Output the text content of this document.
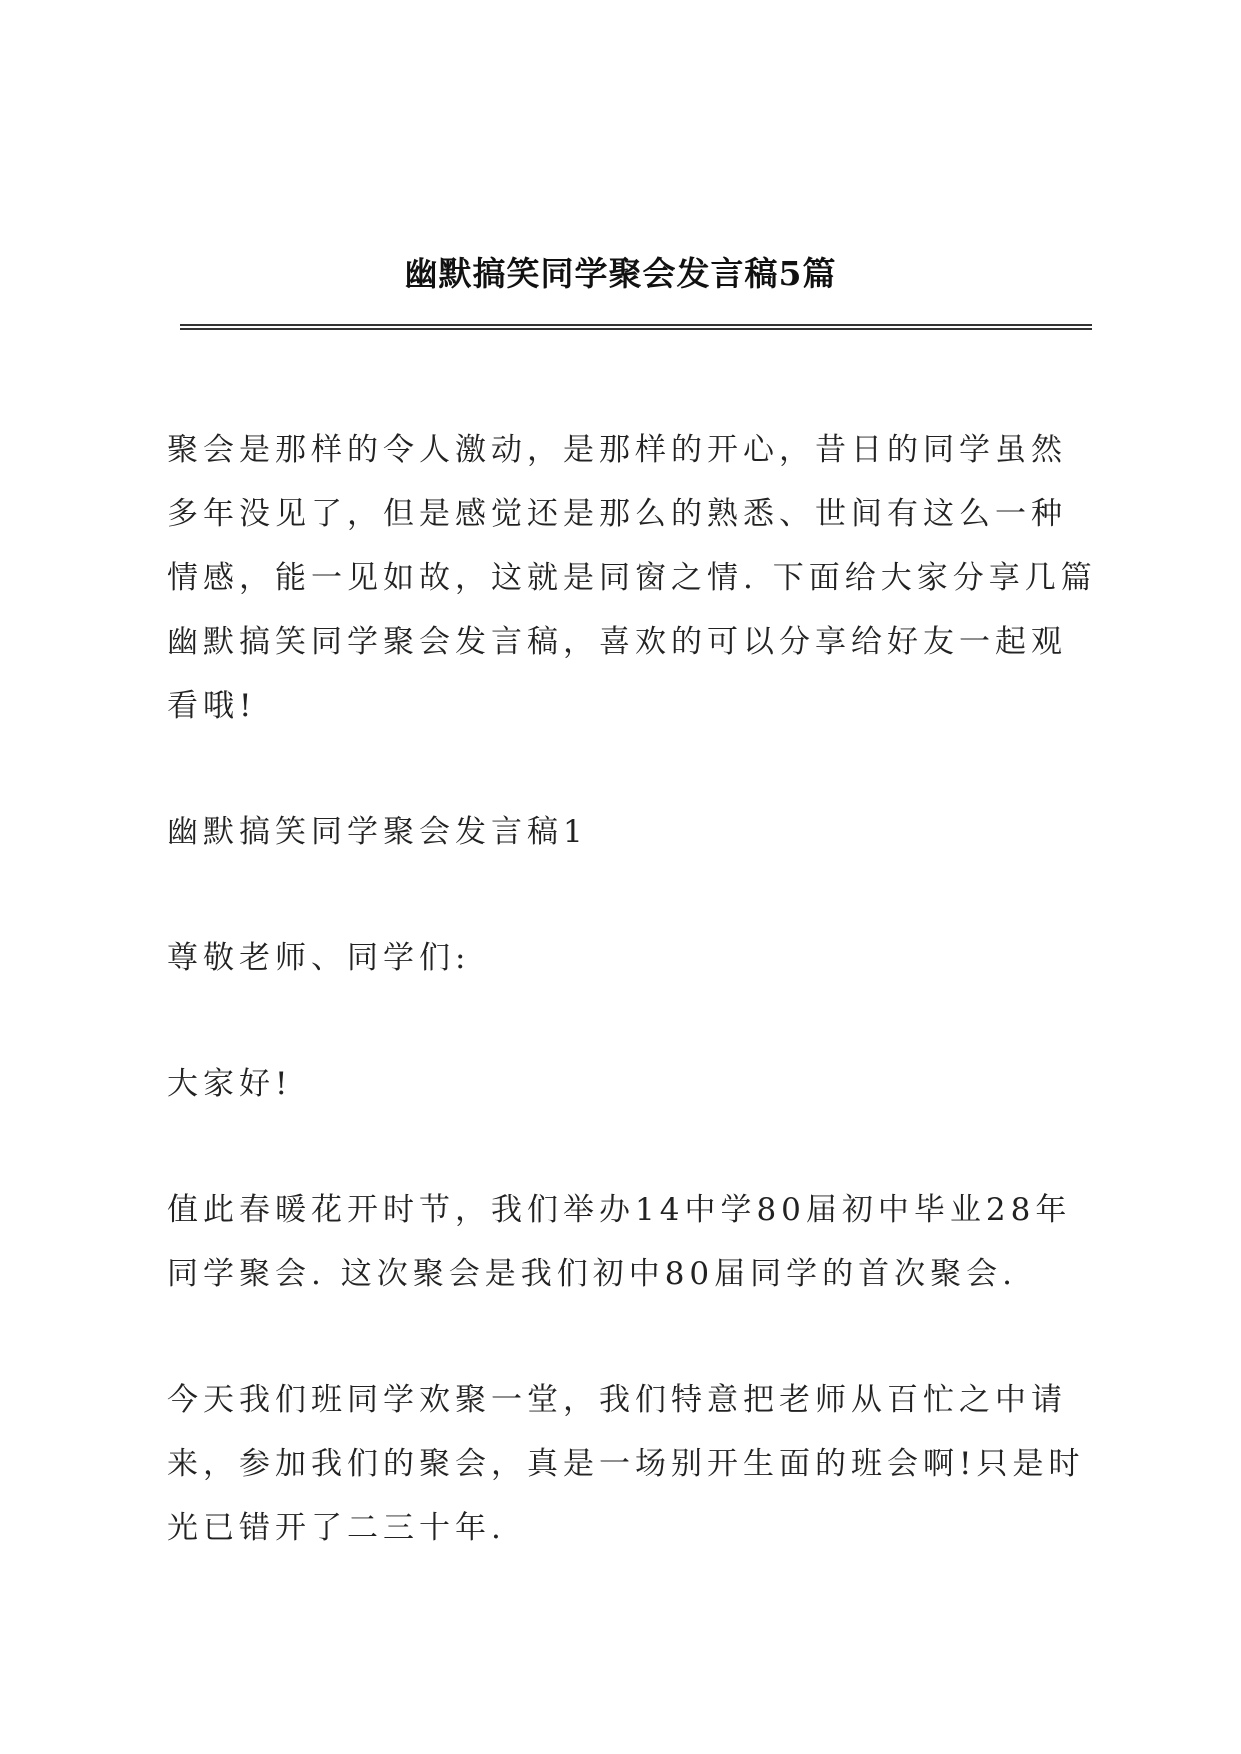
幽默搞笑同学聚会发言稿5篇

聚会是那样的令人激动，是那样的开心，昔日的同学虽然多年没见了，但是感觉还是那么的熟悉、世间有这么一种情感，能一见如故，这就是同窗之情. 下面给大家分享几篇幽默搞笑同学聚会发言稿，喜欢的可以分享给好友一起观看哦!

幽默搞笑同学聚会发言稿1

尊敬老师、同学们:

大家好!

值此春暖花开时节，我们举办14中学80届初中毕业28年同学聚会. 这次聚会是我们初中80届同学的首次聚会.

今天我们班同学欢聚一堂，我们特意把老师从百忙之中请来，参加我们的聚会，真是一场别开生面的班会啊!只是时光已错开了二三十年.
